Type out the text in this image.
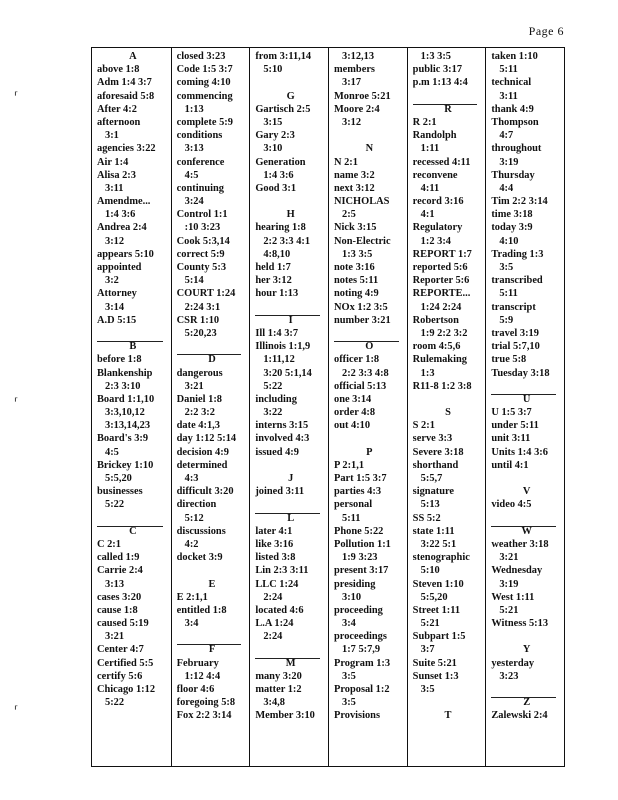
Page 6
⸢
⸢
⸢
A
above 1:8
Adm 1:4 3:7
aforesaid 5:8
After 4:2
afternoon
3:1
agencies 3:22
Air 1:4
Alisa 2:3
3:11
Amendme...
1:4 3:6
Andrea 2:4
3:12
appears 5:10
appointed
3:2
Attorney
3:14
A.D 5:15
B
before 1:8
Blankenship
2:3 3:10
Board 1:1,10
3:3,10,12
3:13,14,23
Board's 3:9
4:5
Brickey 1:10
5:5,20
businesses
5:22
C
C 2:1
called 1:9
Carrie 2:4
3:13
cases 3:20
cause 1:8
caused 5:19
3:21
Center 4:7
Certified 5:5
certify 5:6
Chicago 1:12
5:22
closed 3:23
Code 1:5 3:7
coming 4:10
commencing
1:13
complete 5:9
conditions
3:13
conference
4:5
continuing
3:24
Control 1:1
:10 3:23
Cook 5:3,14
correct 5:9
County 5:3
5:14
COURT 1:24
2:24 3:1
CSR 1:10
5:20,23
D
dangerous
3:21
Daniel 1:8
2:2 3:2
date 4:1,3
day 1:12 5:14
decision 4:9
determined
4:3
difficult 3:20
direction
5:12
discussions
4:2
docket 3:9
E
E 2:1,1
entitled 1:8
3:4
F
February
1:12 4:4
floor 4:6
foregoing 5:8
Fox 2:2 3:14
from 3:11,14
5:10
G
Gartisch 2:5
3:15
Gary 2:3
3:10
Generation
1:4 3:6
Good 3:1
H
hearing 1:8
2:2 3:3 4:1
4:8,10
held 1:7
her 3:12
hour 1:13
I
Ill 1:4 3:7
Illinois 1:1,9
1:11,12
3:20 5:1,14
5:22
including
3:22
interns 3:15
involved 4:3
issued 4:9
J
joined 3:11
L
later 4:1
like 3:16
listed 3:8
Lin 2:3 3:11
LLC 1:24
2:24
located 4:6
L.A 1:24
2:24
M
many 3:20
matter 1:2
3:4,8
Member 3:10
3:12,13
members
3:17
Monroe 5:21
Moore 2:4
3:12
N
N 2:1
name 3:2
next 3:12
NICHOLAS
2:5
Nick 3:15
Non-Electric
1:3 3:5
note 3:16
notes 5:11
noting 4:9
NOx 1:2 3:5
number 3:21
O
officer 1:8
2:2 3:3 4:8
official 5:13
one 3:14
order 4:8
out 4:10
P
P 2:1,1
Part 1:5 3:7
parties 4:3
personal
5:11
Phone 5:22
Pollution 1:1
1:9 3:23
present 3:17
presiding
3:10
proceeding
3:4
proceedings
1:7 5:7,9
Program 1:3
3:5
Proposal 1:2
3:5
Provisions
1:3 3:5
public 3:17
p.m 1:13 4:4
R
R 2:1
Randolph
1:11
recessed 4:11
reconvene
4:11
record 3:16
4:1
Regulatory
1:2 3:4
REPORT 1:7
reported 5:6
Reporter 5:6
REPORTE...
1:24 2:24
Robertson
1:9 2:2 3:2
room 4:5,6
Rulemaking
1:3
R11-8 1:2 3:8
S
S 2:1
serve 3:3
Severe 3:18
shorthand
5:5,7
signature
5:13
SS 5:2
state 1:11
3:22 5:1
stenographic
5:10
Steven 1:10
5:5,20
Street 1:11
5:21
Subpart 1:5
3:7
Suite 5:21
Sunset 1:3
3:5
T
taken 1:10
5:11
technical
3:11
thank 4:9
Thompson
4:7
throughout
3:19
Thursday
4:4
Tim 2:2 3:14
time 3:18
today 3:9
4:10
Trading 1:3
3:5
transcribed
5:11
transcript
5:9
travel 3:19
trial 5:7,10
true 5:8
Tuesday 3:18
U
U 1:5 3:7
under 5:11
unit 3:11
Units 1:4 3:6
until 4:1
V
video 4:5
W
weather 3:18
3:21
Wednesday
3:19
West 1:11
5:21
Witness 5:13
Y
yesterday
3:23
Z
Zalewski 2:4
